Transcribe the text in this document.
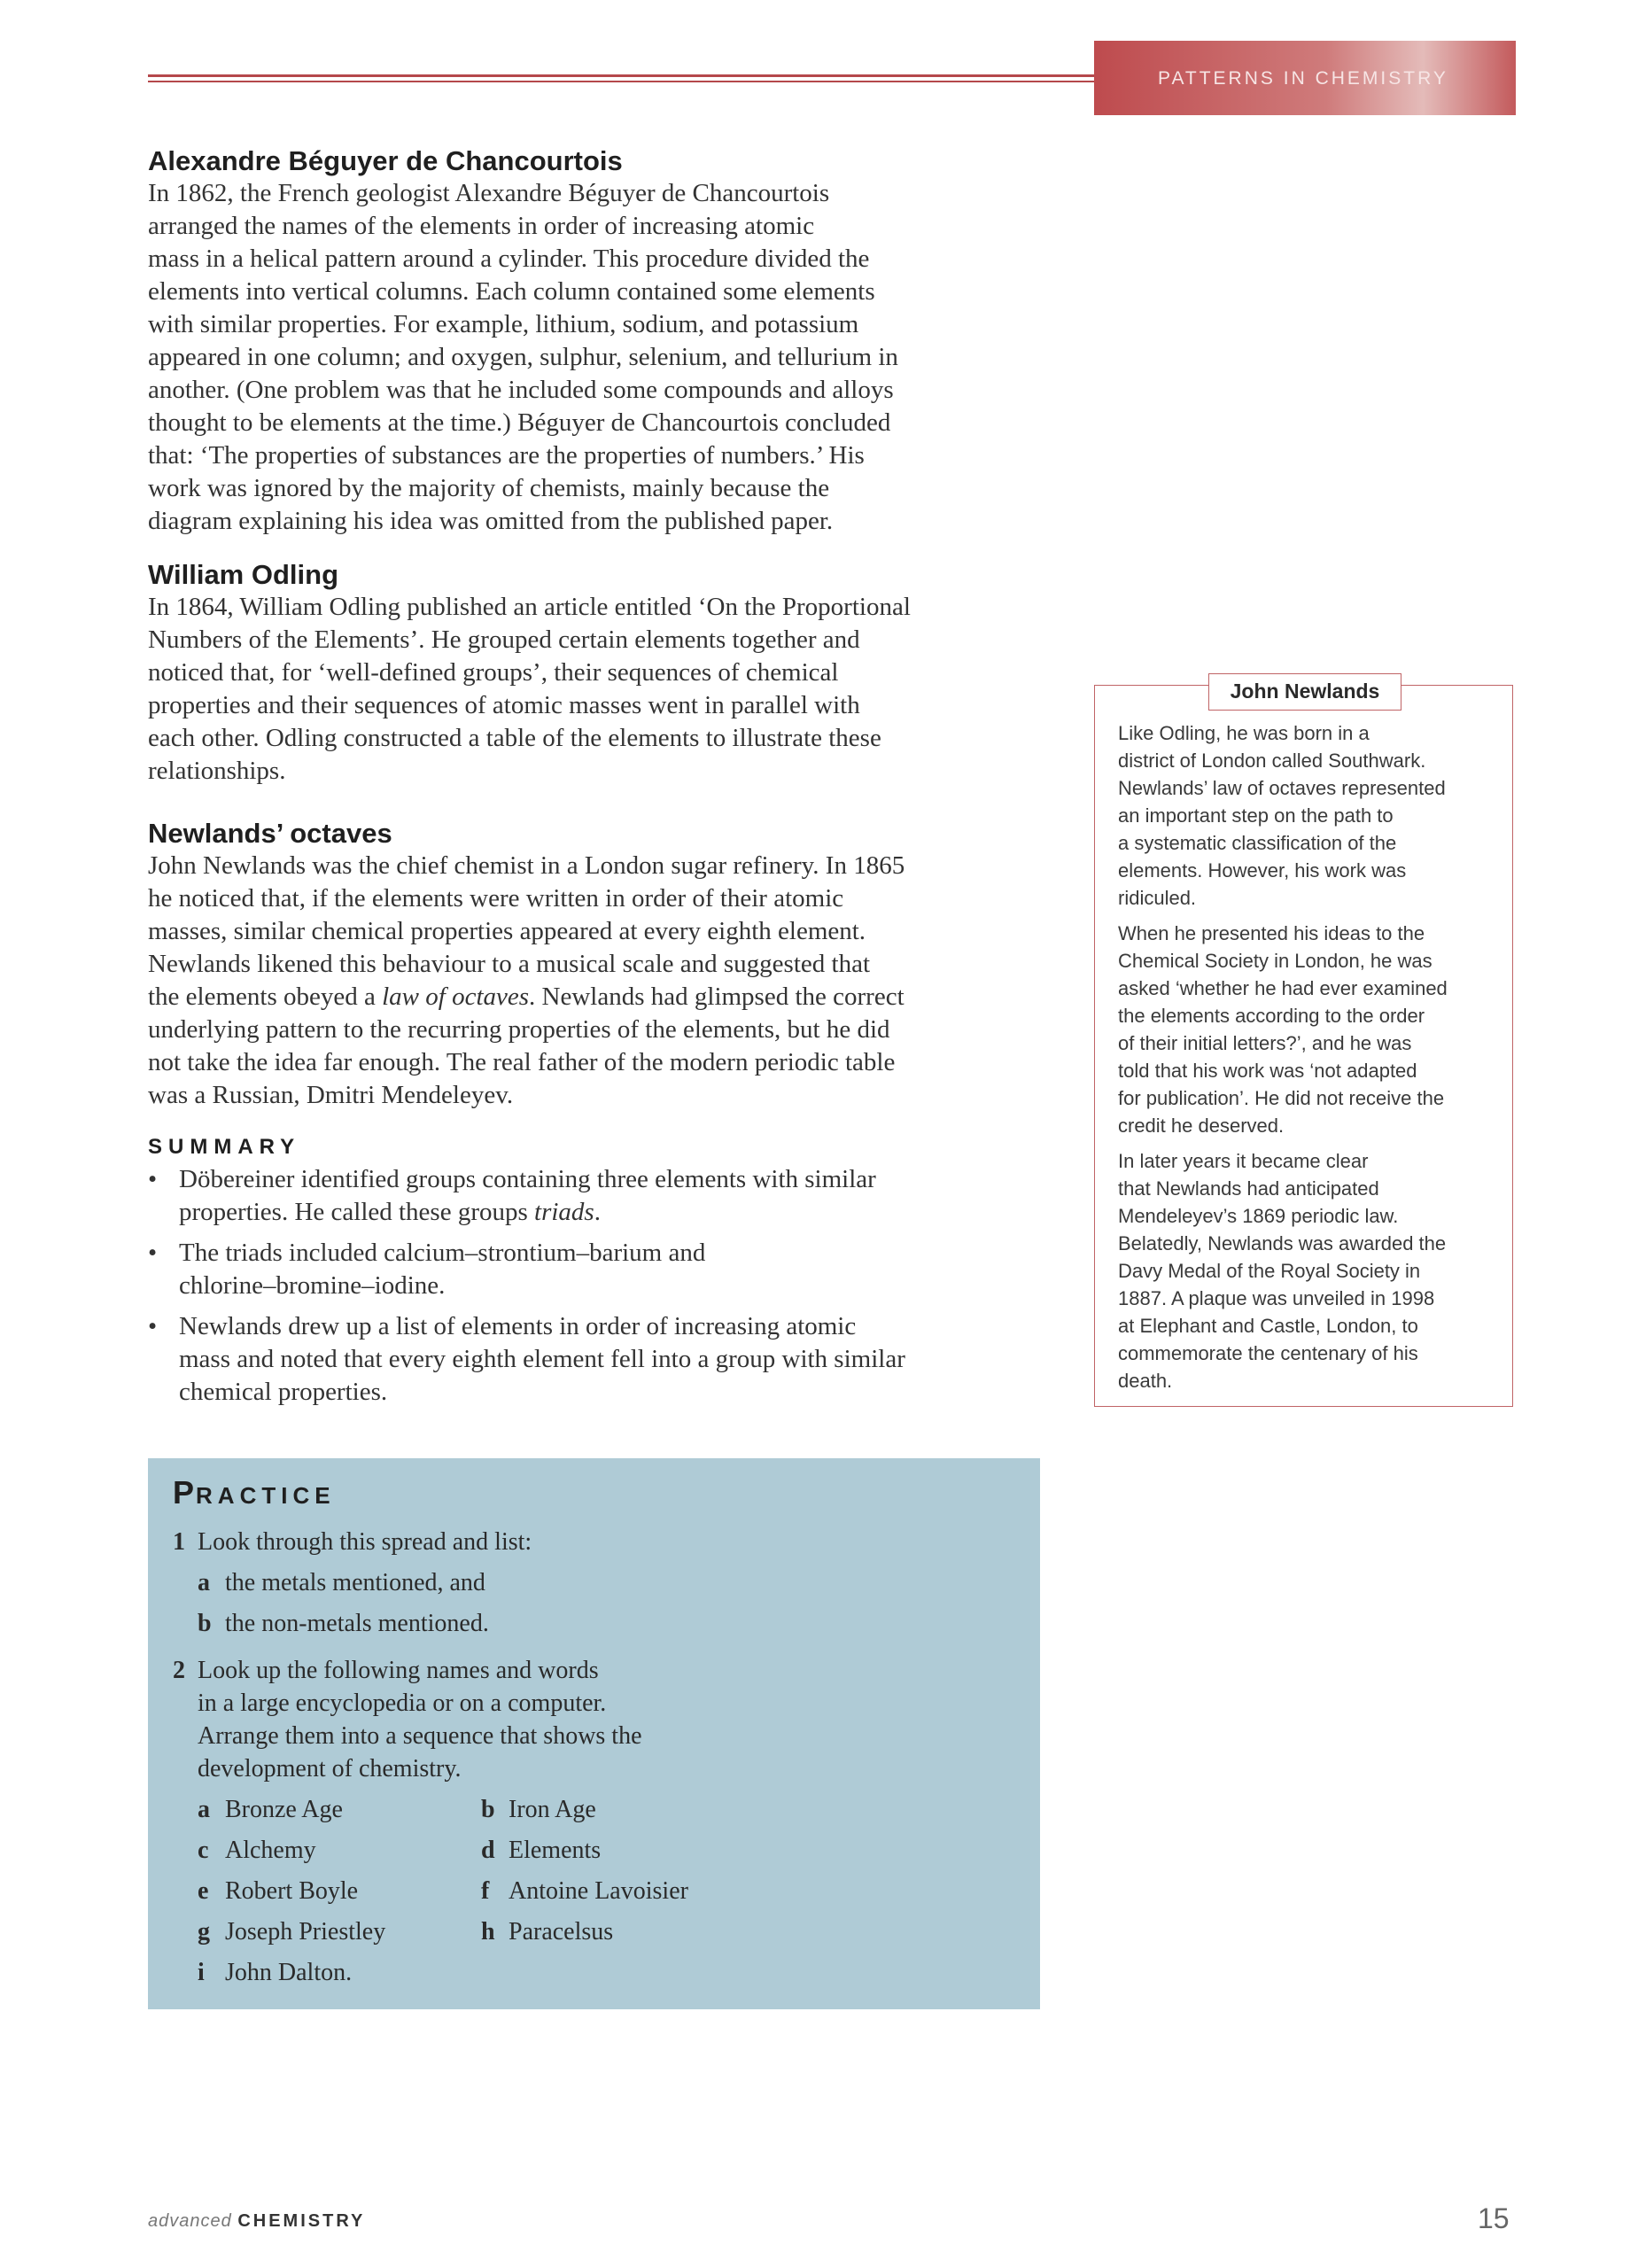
PATTERNS IN CHEMISTRY
Alexandre Béguyer de Chancourtois

In 1862, the French geologist Alexandre Béguyer de Chancourtois
arranged the names of the elements in order of increasing atomic
mass in a helical pattern around a cylinder. This procedure divided the
elements into vertical columns. Each column contained some elements
with similar properties. For example, lithium, sodium, and potassium
appeared in one column; and oxygen, sulphur, selenium, and tellurium in
another. (One problem was that he included some compounds and alloys
thought to be elements at the time.) Béguyer de Chancourtois concluded
that: ‘The properties of substances are the properties of numbers.’ His
work was ignored by the majority of chemists, mainly because the
diagram explaining his idea was omitted from the published paper.

William Odling

In 1864, William Odling published an article entitled ‘On the Proportional
Numbers of the Elements’. He grouped certain elements together and
noticed that, for ‘well-defined groups’, their sequences of chemical
properties and their sequences of atomic masses went in parallel with
each other. Odling constructed a table of the elements to illustrate these
relationships.

Newlands’ octaves

John Newlands was the chief chemist in a London sugar refinery. In 1865
he noticed that, if the elements were written in order of their atomic
masses, similar chemical properties appeared at every eighth element.
Newlands likened this behaviour to a musical scale and suggested that
the elements obeyed a law of octaves. Newlands had glimpsed the correct
underlying pattern to the recurring properties of the elements, but he did
not take the idea far enough. The real father of the modern periodic table
was a Russian, Dmitri Mendeleyev.

SUMMARY
• Döbereiner identified groups containing three elements with similar
properties. He called these groups triads.
• The triads included calcium–strontium–barium and
chlorine–bromine–iodine.
• Newlands drew up a list of elements in order of increasing atomic
mass and noted that every eighth element fell into a group with similar
chemical properties.
PRACTICE
1 Look through this spread and list:
a the metals mentioned, and
b the non-metals mentioned.
2 Look up the following names and words
in a large encyclopedia or on a computer.
Arrange them into a sequence that shows the
development of chemistry.
a Bronze Age	b Iron Age
c Alchemy	d Elements
e Robert Boyle	f Antoine Lavoisier
g Joseph Priestley	h Paracelsus
i John Dalton.
John Newlands

Like Odling, he was born in a
district of London called Southwark.
Newlands’ law of octaves represented
an important step on the path to
a systematic classification of the
elements. However, his work was
ridiculed.

When he presented his ideas to the
Chemical Society in London, he was
asked ‘whether he had ever examined
the elements according to the order
of their initial letters?’, and he was
told that his work was ‘not adapted
for publication’. He did not receive the
credit he deserved.

In later years it became clear
that Newlands had anticipated
Mendeleyev’s 1869 periodic law.
Belatedly, Newlands was awarded the
Davy Medal of the Royal Society in
1887. A plaque was unveiled in 1998
at Elephant and Castle, London, to
commemorate the centenary of his
death.

advanced CHEMISTRY	15
